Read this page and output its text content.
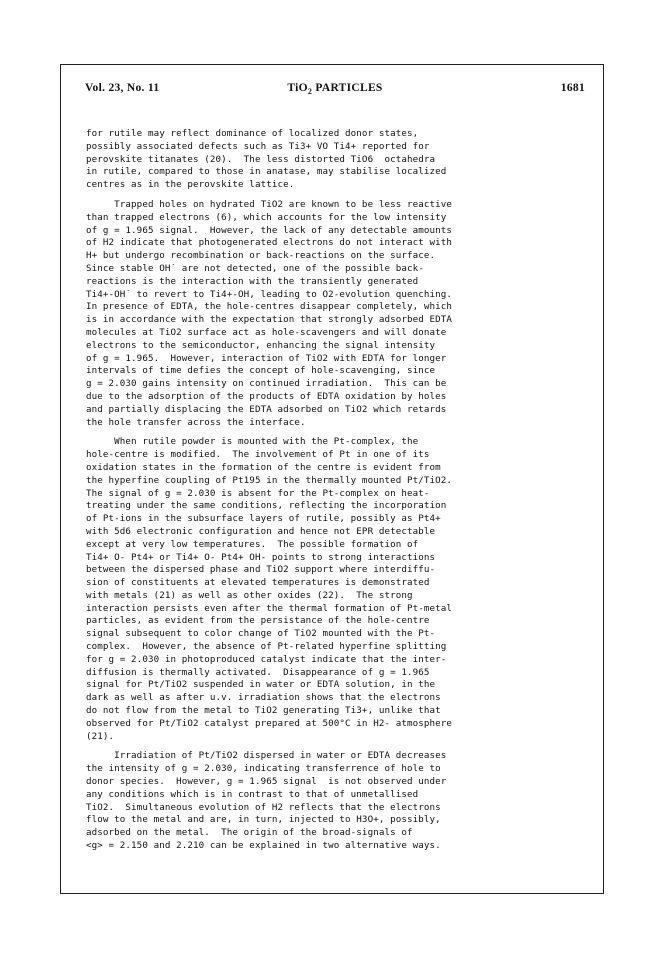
Vol. 23, No. 11	TiO$_2$ PARTICLES	1681
for rutile may reflect dominance of localized donor states,
possibly associated defects such as Ti3+ VO Ti4+ reported for
perovskite titanates (20).  The less distorted TiO6  octahedra
in rutile, compared to those in anatase, may stabilise localized
centres as in the perovskite lattice.
Trapped holes on hydrated TiO2 are known to be less reactive
than trapped electrons (6), which accounts for the low intensity
of g = 1.965 signal.  However, the lack of any detectable amounts
of H2 indicate that photogenerated electrons do not interact with
H+ but undergo recombination or back-reactions on the surface.
Since stable OH˙ are not detected, one of the possible back-
reactions is the interaction with the transiently generated
Ti4+-OH˙ to revert to Ti4+-OH, leading to O2-evolution quenching.
In presence of EDTA, the hole-centres disappear completely, which
is in accordance with the expectation that strongly adsorbed EDTA
molecules at TiO2 surface act as hole-scavengers and will donate
electrons to the semiconductor, enhancing the signal intensity
of g = 1.965.  However, interaction of TiO2 with EDTA for longer
intervals of time defies the concept of hole-scavenging, since
g = 2.030 gains intensity on continued irradiation.  This can be
due to the adsorption of the products of EDTA oxidation by holes
and partially displacing the EDTA adsorbed on TiO2 which retards
the hole transfer across the interface.
When rutile powder is mounted with the Pt-complex, the
hole-centre is modified.  The involvement of Pt in one of its
oxidation states in the formation of the centre is evident from
the hyperfine coupling of Pt195 in the thermally mounted Pt/TiO2.
The signal of g = 2.030 is absent for the Pt-complex on heat-
treating under the same conditions, reflecting the incorporation
of Pt-ions in the subsurface layers of rutile, possibly as Pt4+
with 5d6 electronic configuration and hence not EPR detectable
except at very low temperatures.  The possible formation of
Ti4+ O- Pt4+ or Ti4+ O- Pt4+ OH- points to strong interactions
between the dispersed phase and TiO2 support where interdiffu-
sion of constituents at elevated temperatures is demonstrated
with metals (21) as well as other oxides (22).  The strong
interaction persists even after the thermal formation of Pt-metal
particles, as evident from the persistance of the hole-centre
signal subsequent to color change of TiO2 mounted with the Pt-
complex.  However, the absence of Pt-related hyperfine splitting
for g = 2.030 in photoproduced catalyst indicate that the inter-
diffusion is thermally activated.  Disappearance of g = 1.965
signal for Pt/TiO2 suspended in water or EDTA solution, in the
dark as well as after u.v. irradiation shows that the electrons
do not flow from the metal to TiO2 generating Ti3+, unlike that
observed for Pt/TiO2 catalyst prepared at 500°C in H2- atmosphere
(21).
Irradiation of Pt/TiO2 dispersed in water or EDTA decreases
the intensity of g = 2.030, indicating transferrence of hole to
donor species.  However, g = 1.965 signal  is not observed under
any conditions which is in contrast to that of unmetallised
TiO2.  Simultaneous evolution of H2 reflects that the electrons
flow to the metal and are, in turn, injected to H3O+, possibly,
adsorbed on the metal.  The origin of the broad-signals of
<g> = 2.150 and 2.210 can be explained in two alternative ways.
